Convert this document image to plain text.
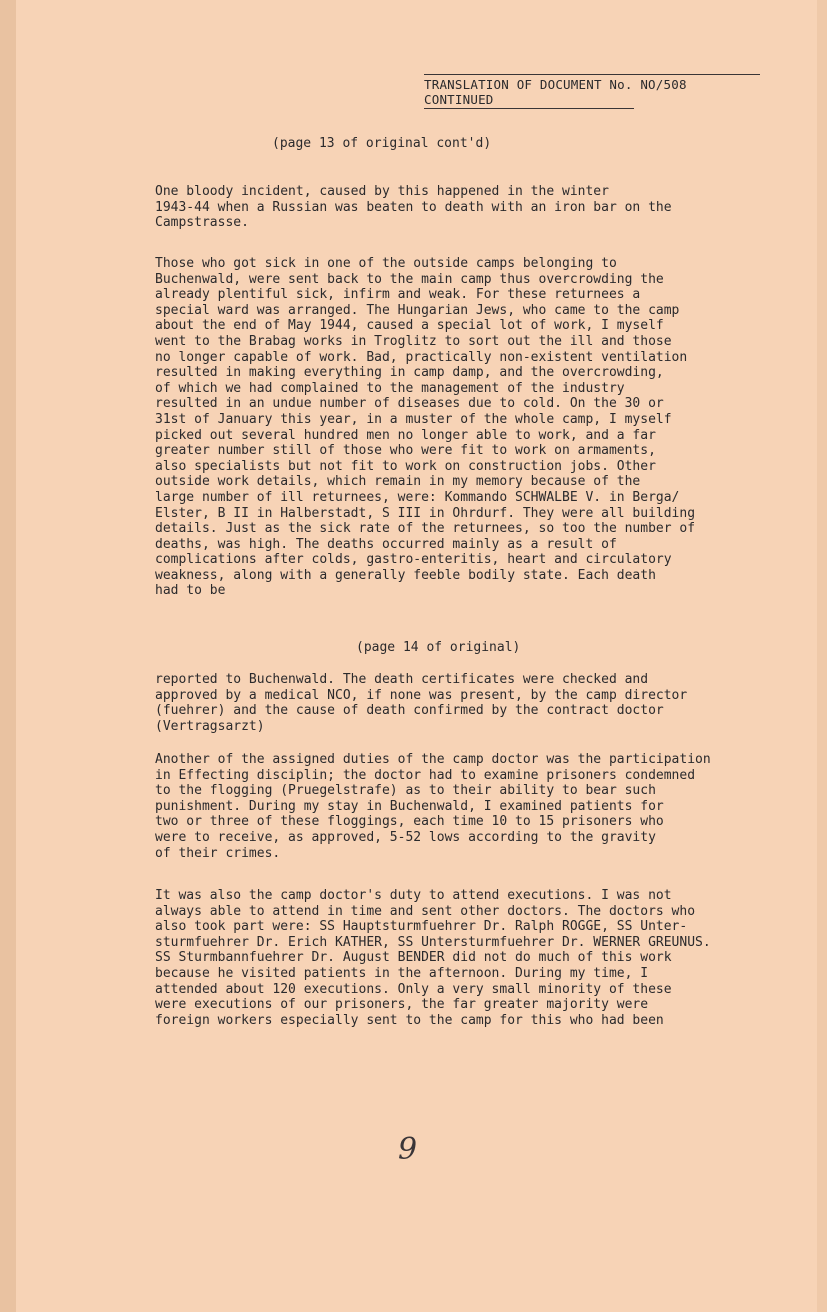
TRANSLATION OF DOCUMENT No. NO/508
CONTINUED
(page 13 of original cont'd)
One bloody incident, caused by this happened in the winter
1943-44 when a Russian was beaten to death with an iron bar on the
Campstrasse.
Those who got sick in one of the outside camps belonging to
Buchenwald, were sent back to the main camp thus overcrowding the
already plentiful sick, infirm and weak. For these returnees a
special ward was arranged. The Hungarian Jews, who came to the camp
about the end of May 1944, caused a special lot of work, I myself
went to the Brabag works in Troglitz to sort out the ill and those
no longer capable of work. Bad, practically non-existent ventilation
resulted in making everything in camp damp, and the overcrowding,
of which we had complained to the management of the industry
resulted in an undue number of diseases due to cold. On the 30 or
31st of January this year, in a muster of the whole camp, I myself
picked out several hundred men no longer able to work, and a far
greater number still of those who were fit to work on armaments,
also specialists but not fit to work on construction jobs. Other
outside work details, which remain in my memory because of the
large number of ill returnees, were: Kommando SCHWALBE V. in Berga/
Elster, B II in Halberstadt, S III in Ohrdurf. They were all building
details. Just as the sick rate of the returnees, so too the number of
deaths, was high. The deaths occurred mainly as a result of
complications after colds, gastro-enteritis, heart and circulatory
weakness, along with a generally feeble bodily state. Each death
had to be
(page 14 of original)
reported to Buchenwald. The death certificates were checked and
approved by a medical NCO, if none was present, by the camp director
(fuehrer) and the cause of death confirmed by the contract doctor
(Vertragsarzt)
Another of the assigned duties of the camp doctor was the participation
in Effecting disciplin; the doctor had to examine prisoners condemned
to the flogging (Pruegelstrafe) as to their ability to bear such
punishment. During my stay in Buchenwald, I examined patients for
two or three of these floggings, each time 10 to 15 prisoners who
were to receive, as approved, 5-52 lows according to the gravity
of their crimes.
It was also the camp doctor's duty to attend executions. I was not
always able to attend in time and sent other doctors. The doctors who
also took part were: SS Hauptsturmfuehrer Dr. Ralph ROGGE, SS Unter-
sturmfuehrer Dr. Erich KATHER, SS Untersturmfuehrer Dr. WERNER GREUNUS.
SS Sturmbannfuehrer Dr. August BENDER did not do much of this work
because he visited patients in the afternoon. During my time, I
attended about 120 executions. Only a very small minority of these
were executions of our prisoners, the far greater majority were
foreign workers especially sent to the camp for this who had been
9
